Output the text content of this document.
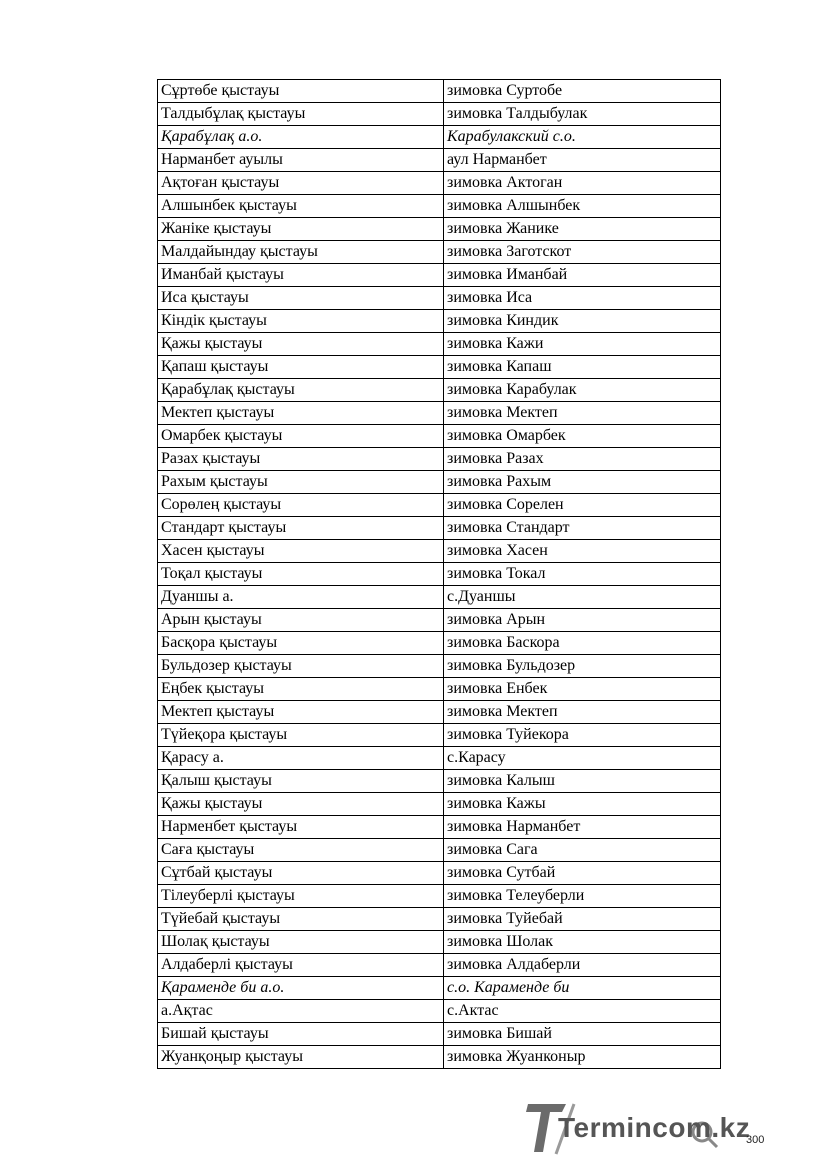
Сұртөбе қыстауы	зимовка Суртобе
Талдыбұлақ қыстауы	зимовка Талдыбулак
Қарабұлақ а.о.	Карабулакский с.о.
Нарманбет ауылы	аул Нарманбет
Ақтоған қыстауы	зимовка Актоган
Алшынбек қыстауы	зимовка Алшынбек
Жаніке қыстауы	зимовка Жанике
Малдайындау қыстауы	зимовка Заготскот
Иманбай қыстауы	зимовка Иманбай
Иса қыстауы	зимовка Иса
Кіндік қыстауы	зимовка Киндик
Қажы қыстауы	зимовка Кажи
Қапаш қыстауы	зимовка Капаш
Қарабұлақ қыстауы	зимовка Карабулак
Мектеп қыстауы	зимовка Мектеп
Омарбек қыстауы	зимовка Омарбек
Разах қыстауы	зимовка Разах
Рахым қыстауы	зимовка Рахым
Сорөлең қыстауы	зимовка Сорелен
Стандарт қыстауы	зимовка Стандарт
Хасен қыстауы	зимовка Хасен
Тоқал қыстауы	зимовка Токал
Дуаншы а.	с.Дуаншы
Арын қыстауы	зимовка Арын
Басқора қыстауы	зимовка Баскора
Бульдозер қыстауы	зимовка Бульдозер
Еңбек қыстауы	зимовка Енбек
Мектеп қыстауы	зимовка Мектеп
Түйеқора қыстауы	зимовка Туйекора
Қарасу а.	с.Карасу
Қалыш қыстауы	зимовка Калыш
Қажы қыстауы	зимовка Кажы
Нарменбет қыстауы	зимовка Нарманбет
Саға қыстауы	зимовка Сага
Сұтбай қыстауы	зимовка Сутбай
Тілеуберлі қыстауы	зимовка Телеуберли
Түйебай қыстауы	зимовка Туйебай
Шолақ қыстауы	зимовка Шолак
Алдаберлі қыстауы	зимовка Алдаберли
Қараменде би а.о.	с.о. Караменде би
а.Ақтас	с.Актас
Бишай қыстауы	зимовка Бишай
Жуанқоңыр қыстауы	зимовка Жуанконыр
Termincom.kz
300
